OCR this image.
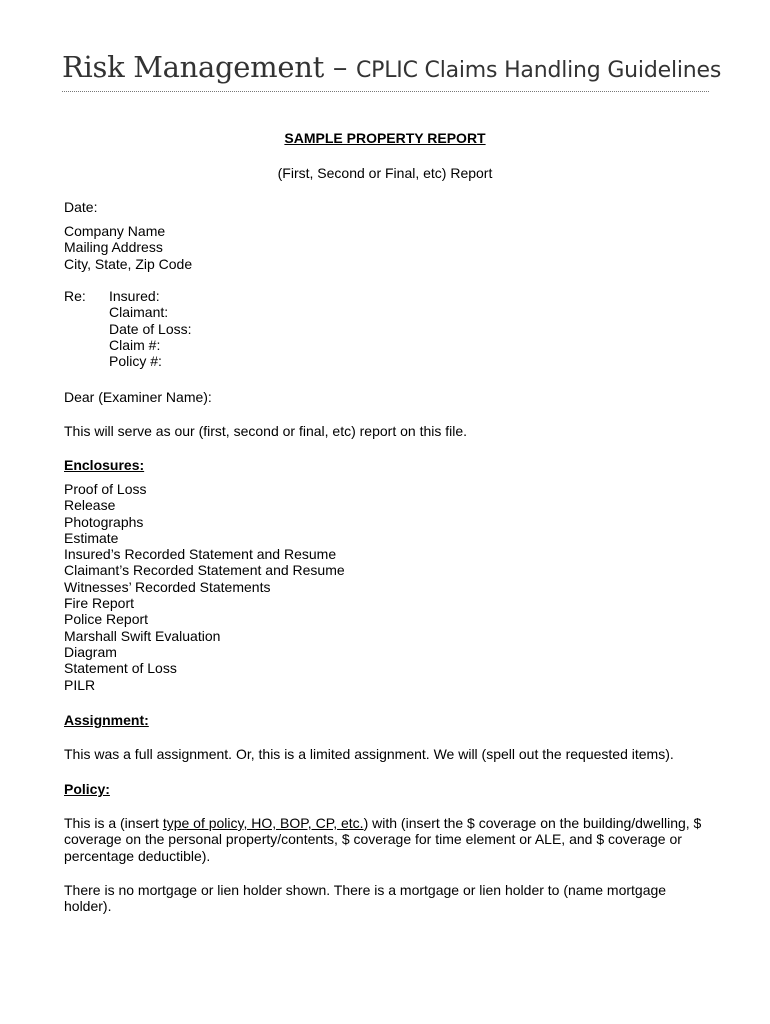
Risk Management – CPLIC Claims Handling Guidelines
SAMPLE PROPERTY REPORT
(First, Second or Final, etc) Report
Date:
Company Name
Mailing Address
City, State, Zip Code
Re: Insured:
Claimant:
Date of Loss:
Claim #:
Policy #:
Dear (Examiner Name):
This will serve as our (first, second or final, etc) report on this file.
Enclosures:
Proof of Loss
Release
Photographs
Estimate
Insured’s Recorded Statement and Resume
Claimant’s Recorded Statement and Resume
Witnesses’ Recorded Statements
Fire Report
Police Report
Marshall Swift Evaluation
Diagram
Statement of Loss
PILR
Assignment:
This was a full assignment. Or, this is a limited assignment. We will (spell out the requested items).
Policy:
This is a (insert type of policy, HO, BOP, CP, etc.) with (insert the $ coverage on the building/dwelling, $
coverage on the personal property/contents, $ coverage for time element or ALE, and $ coverage or
percentage deductible).
There is no mortgage or lien holder shown. There is a mortgage or lien holder to (name mortgage
holder).
